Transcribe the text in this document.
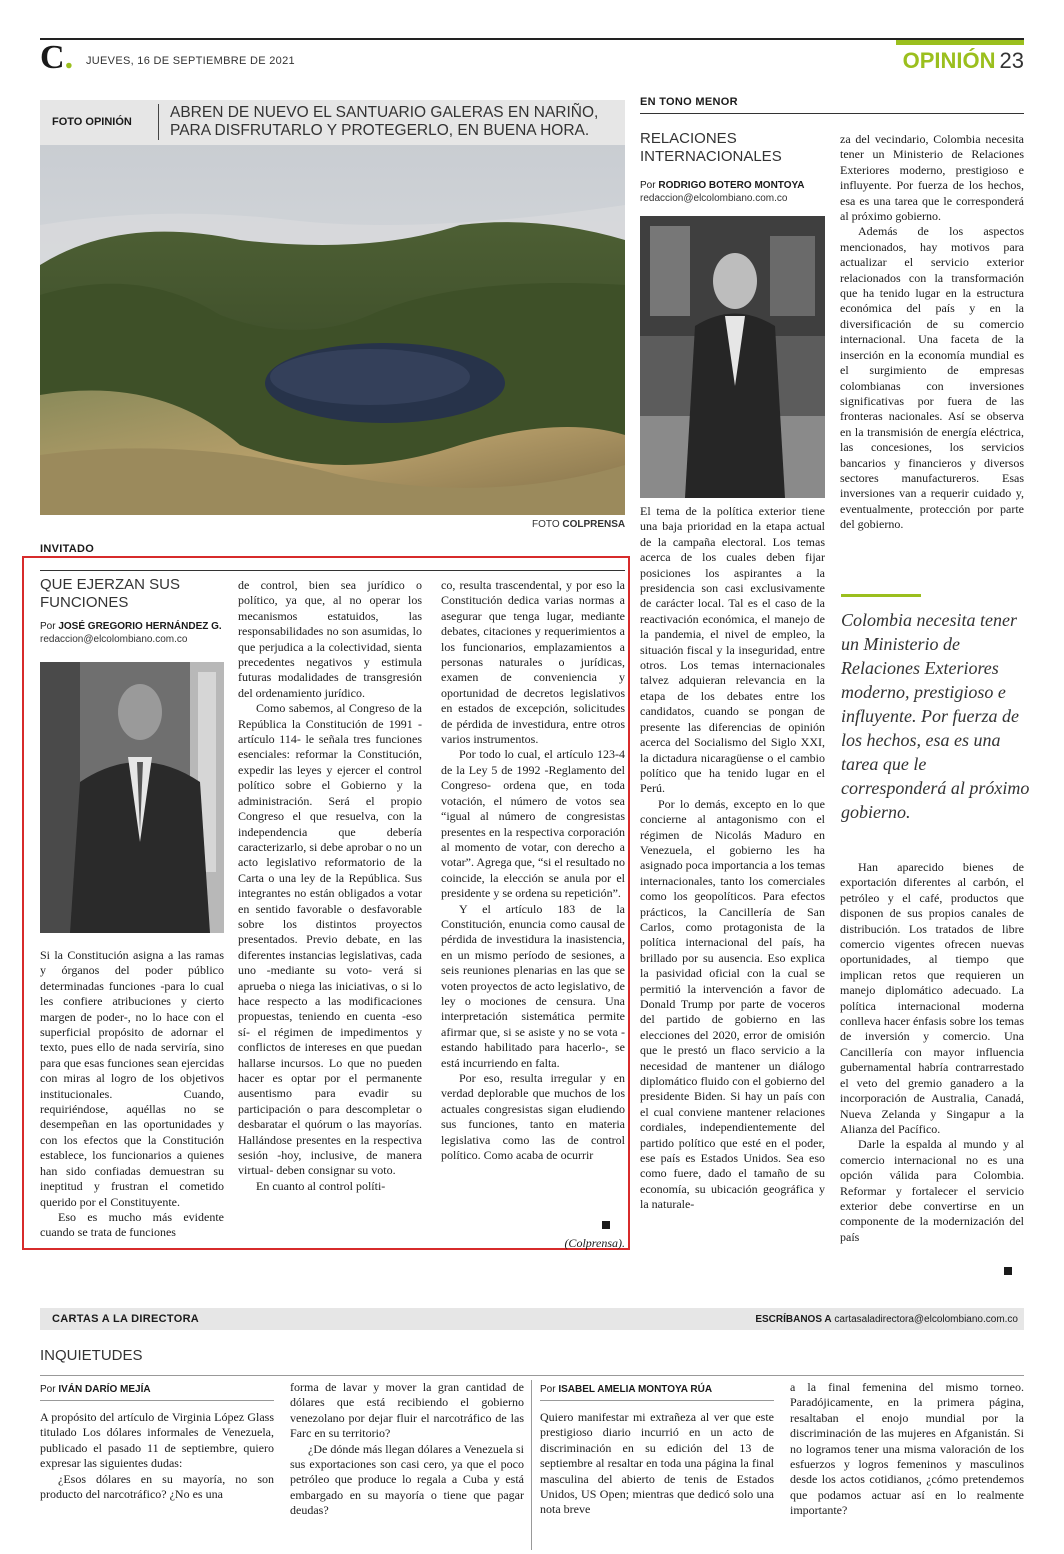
C. JUEVES, 16 DE SEPTIEMBRE DE 2021	OPINIÓN 23
FOTO OPINIÓN
ABREN DE NUEVO EL SANTUARIO GALERAS EN NARIÑO, PARA DISFRUTARLO Y PROTEGERLO, EN BUENA HORA.
FOTO COLPRENSA
INVITADO
QUE EJERZAN SUS FUNCIONES
Por JOSÉ GREGORIO HERNÁNDEZ G.
redaccion@elcolombiano.com.co

Si la Constitución asigna a las ramas y órganos del poder público determinadas funciones -para lo cual les confiere atribuciones y cierto margen de poder-, no lo hace con el superficial propósito de adornar el texto, pues ello de nada serviría, sino para que esas funciones sean ejercidas con miras al logro de los objetivos institucionales. Cuando, requiriéndose, aquéllas no se desempeñan en las oportunidades y con los efectos que la Constitución establece, los funcionarios a quienes han sido confiadas demuestran su ineptitud y frustran el cometido querido por el Constituyente.

Eso es mucho más evidente cuando se trata de funciones

de control, bien sea jurídico o político, ya que, al no operar los mecanismos estatuidos, las responsabilidades no son asumidas, lo que perjudica a la colectividad, sienta precedentes negativos y estimula futuras modalidades de transgresión del ordenamiento jurídico.

Como sabemos, al Congreso de la República la Constitución de 1991 -artículo 114- le señala tres funciones esenciales: reformar la Constitución, expedir las leyes y ejercer el control político sobre el Gobierno y la administración. Será el propio Congreso el que resuelva, con la independencia que debería caracterizarlo, si debe aprobar o no un acto legislativo reformatorio de la Carta o una ley de la República. Sus integrantes no están obligados a votar en sentido favorable o desfavorable sobre los distintos proyectos presentados. Previo debate, en las diferentes instancias legislativas, cada uno -mediante su voto- verá si aprueba o niega las iniciativas, o si lo hace respecto a las modificaciones propuestas, teniendo en cuenta -eso sí- el régimen de impedimentos y conflictos de intereses en que puedan hallarse incursos. Lo que no pueden hacer es optar por el permanente ausentismo para evadir su participación o para descompletar o desbaratar el quórum o las mayorías. Hallándose presentes en la respectiva sesión -hoy, inclusive, de manera virtual- deben consignar su voto.

En cuanto al control políti-

co, resulta trascendental, y por eso la Constitución dedica varias normas a asegurar que tenga lugar, mediante debates, citaciones y requerimientos a los funcionarios, emplazamientos a personas naturales o jurídicas, examen de conveniencia y oportunidad de decretos legislativos en estados de excepción, solicitudes de pérdida de investidura, entre otros varios instrumentos.

Por todo lo cual, el artículo 123-4 de la Ley 5 de 1992 -Reglamento del Congreso- ordena que, en toda votación, el número de votos sea “igual al número de congresistas presentes en la respectiva corporación al momento de votar, con derecho a votar”. Agrega que, “si el resultado no coincide, la elección se anula por el presidente y se ordena su repetición”.

Y el artículo 183 de la Constitución, enuncia como causal de pérdida de investidura la inasistencia, en un mismo período de sesiones, a seis reuniones plenarias en las que se voten proyectos de acto legislativo, de ley o mociones de censura. Una interpretación sistemática permite afirmar que, si se asiste y no se vota -estando habilitado para hacerlo-, se está incurriendo en falta.

Por eso, resulta irregular y en verdad deplorable que muchos de los actuales congresistas sigan eludiendo sus funciones, tanto en materia legislativa como las de control político. Como acaba de ocurrir

(Colprensa).
EN TONO MENOR
RELACIONES INTERNACIONALES
Por RODRIGO BOTERO MONTOYA
redaccion@elcolombiano.com.co

El tema de la política exterior tiene una baja prioridad en la etapa actual de la campaña electoral. Los temas acerca de los cuales deben fijar posiciones los aspirantes a la presidencia son casi exclusivamente de carácter local. Tal es el caso de la reactivación económica, el manejo de la pandemia, el nivel de empleo, la situación fiscal y la inseguridad, entre otros. Los temas internacionales talvez adquieran relevancia en la etapa de los debates entre los candidatos, cuando se pongan de presente las diferencias de opinión acerca del Socialismo del Siglo XXI, la dictadura nicaragüense o el cambio político que ha tenido lugar en el Perú.

Por lo demás, excepto en lo que concierne al antagonismo con el régimen de Nicolás Maduro en Venezuela, el gobierno les ha asignado poca importancia a los temas internacionales, tanto los comerciales como los geopolíticos. Para efectos prácticos, la Cancillería de San Carlos, como protagonista de la política internacional del país, ha brillado por su ausencia. Eso explica la pasividad oficial con la cual se permitió la intervención a favor de Donald Trump por parte de voceros del partido de gobierno en las elecciones del 2020, error de omisión que le prestó un flaco servicio a la necesidad de mantener un diálogo diplomático fluido con el gobierno del presidente Biden. Si hay un país con el cual conviene mantener relaciones cordiales, independientemente del partido político que esté en el poder, ese país es Estados Unidos. Sea eso como fuere, dado el tamaño de su economía, su ubicación geográfica y la naturale-

za del vecindario, Colombia necesita tener un Ministerio de Relaciones Exteriores moderno, prestigioso e influyente. Por fuerza de los hechos, esa es una tarea que le corresponderá al próximo gobierno.

Además de los aspectos mencionados, hay motivos para actualizar el servicio exterior relacionados con la transformación que ha tenido lugar en la estructura económica del país y en la diversificación de su comercio internacional. Una faceta de la inserción en la economía mundial es el surgimiento de empresas colombianas con inversiones significativas por fuera de las fronteras nacionales. Así se observa en la transmisión de energía eléctrica, las concesiones, los servicios bancarios y financieros y diversos sectores manufactureros. Esas inversiones van a requerir cuidado y, eventualmente, protección por parte del gobierno.

Colombia necesita tener un Ministerio de Relaciones Exteriores moderno, prestigioso e influyente. Por fuerza de los hechos, esa es una tarea que le corresponderá al próximo gobierno.

Han aparecido bienes de exportación diferentes al carbón, el petróleo y el café, productos que disponen de sus propios canales de distribución. Los tratados de libre comercio vigentes ofrecen nuevas oportunidades, al tiempo que implican retos que requieren un manejo diplomático adecuado. La política internacional moderna conlleva hacer énfasis sobre los temas de inversión y comercio. Una Cancillería con mayor influencia gubernamental habría contrarrestado el veto del gremio ganadero a la incorporación de Australia, Canadá, Nueva Zelanda y Singapur a la Alianza del Pacífico.

Darle la espalda al mundo y al comercio internacional no es una opción válida para Colombia. Reformar y fortalecer el servicio exterior debe convertirse en un componente de la modernización del país

CARTAS A LA DIRECTORA	ESCRÍBANOS A cartasaladirectora@elcolombiano.com.co
INQUIETUDES
Por IVÁN DARÍO MEJÍA

A propósito del artículo de Virginia López Glass titulado Los dólares informales de Venezuela, publicado el pasado 11 de septiembre, quiero expresar las siguientes dudas:

¿Esos dólares en su mayoría, no son producto del narcotráfico? ¿No es una

forma de lavar y mover la gran cantidad de dólares que está recibiendo el gobierno venezolano por dejar fluir el narcotráfico de las Farc en su territorio?

¿De dónde más llegan dólares a Venezuela si sus exportaciones son casi cero, ya que el poco petróleo que produce lo regala a Cuba y está embargado en su mayoría o tiene que pagar deudas?

Por ISABEL AMELIA MONTOYA RÚA

Quiero manifestar mi extrañeza al ver que este prestigioso diario incurrió en un acto de discriminación en su edición del 13 de septiembre al resaltar en toda una página la final masculina del abierto de tenis de Estados Unidos, US Open; mientras que dedicó solo una nota breve

a la final femenina del mismo torneo. Paradójicamente, en la primera página, resaltaban el enojo mundial por la discriminación de las mujeres en Afganistán. Si no logramos tener una misma valoración de los esfuerzos y logros femeninos y masculinos desde los actos cotidianos, ¿cómo pretendemos que podamos actuar así en lo realmente importante?
